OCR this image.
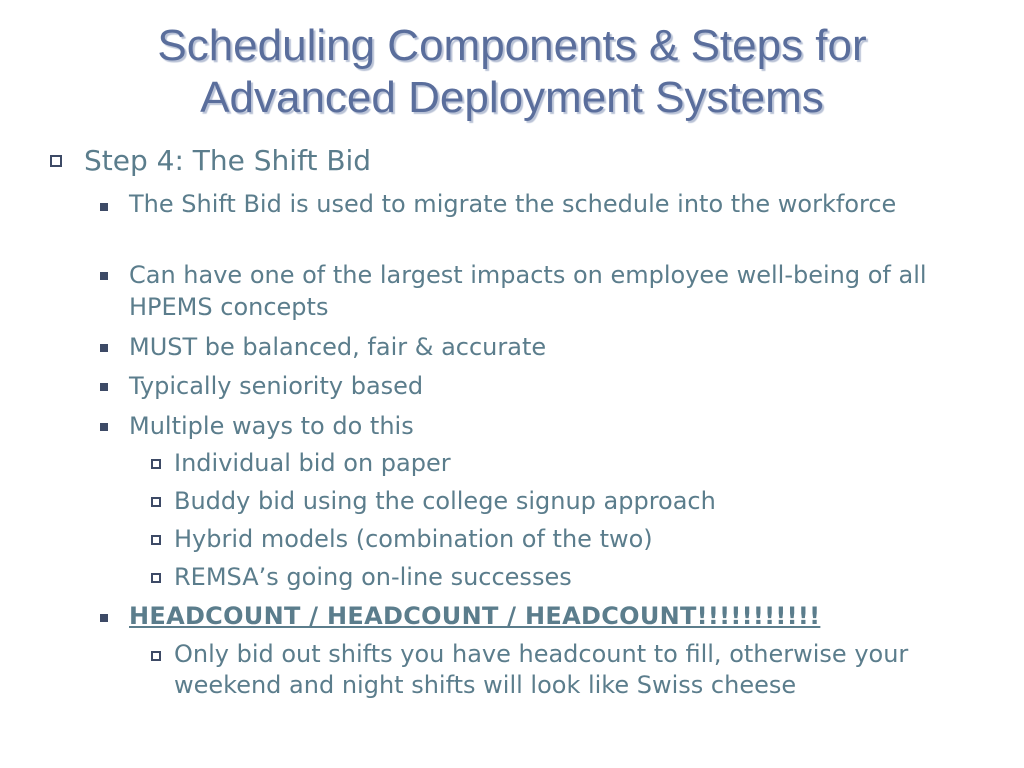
Scheduling Components & Steps for
Advanced Deployment Systems
Step 4: The Shift Bid
The Shift Bid is used to migrate the schedule into the workforce
Can have one of the largest impacts on employee well-being of all HPEMS concepts
MUST be balanced, fair & accurate
Typically seniority based
Multiple ways to do this
Individual bid on paper
Buddy bid using the college signup approach
Hybrid models (combination of the two)
REMSA’s going on-line successes
HEADCOUNT / HEADCOUNT / HEADCOUNT!!!!!!!!!!!
Only bid out shifts you have headcount to fill, otherwise your weekend and night shifts will look like Swiss cheese
